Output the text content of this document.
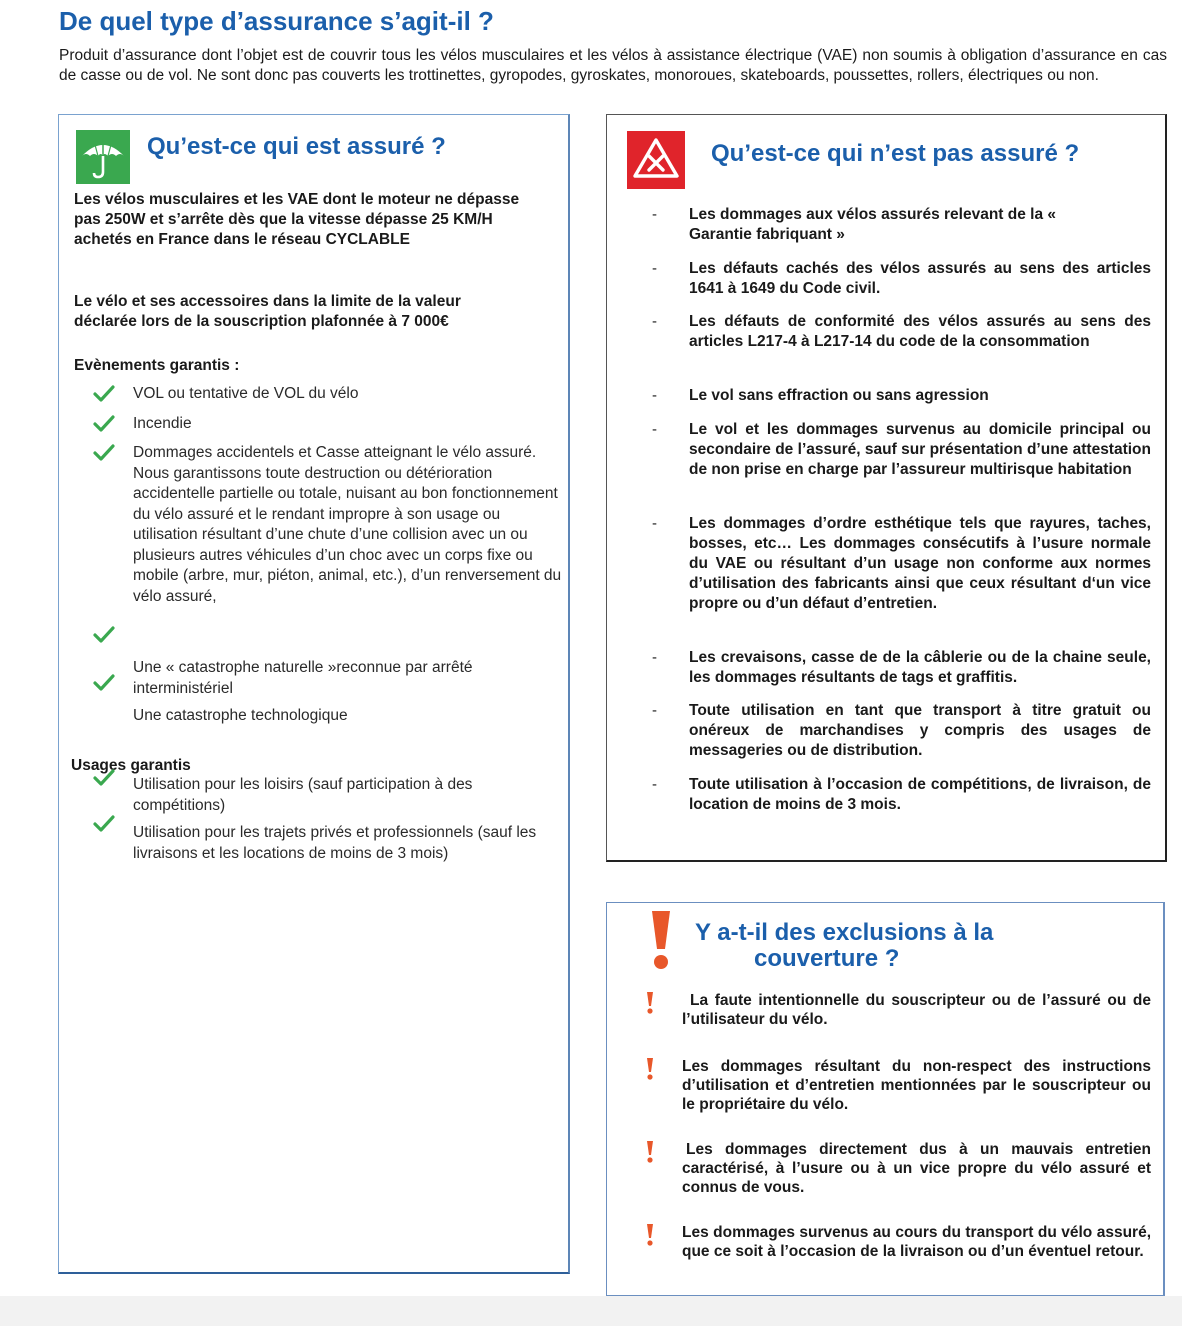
De quel type d’assurance s’agit-il ?

Produit d’assurance dont l’objet est de couvrir tous les vélos musculaires et les vélos à assistance électrique (VAE) non soumis à obligation d’assurance en cas de casse ou de vol. Ne sont donc pas couverts les trottinettes, gyropodes, gyroskates, monoroues, skateboards, poussettes, rollers, électriques ou non.

Qu’est-ce qui est assuré ?

Les vélos musculaires et les VAE dont le moteur ne dépasse pas 250W et s’arrête dès que la vitesse dépasse 25 KM/H achetés en France dans le réseau CYCLABLE

Le vélo et ses accessoires dans la limite de la valeur déclarée lors de la souscription plafonnée à 7 000€

Evènements garantis :

VOL ou tentative de VOL du vélo

Incendie

Dommages accidentels et Casse atteignant le vélo assuré. Nous garantissons toute destruction ou détérioration accidentelle partielle ou totale, nuisant au bon fonctionnement du vélo assuré et le rendant impropre à son usage ou utilisation résultant d’une chute d’une collision avec un ou plusieurs autres véhicules d’un choc avec un corps fixe ou mobile (arbre, mur, piéton, animal, etc.), d’un renversement du vélo assuré,

Une « catastrophe naturelle »reconnue par arrêté interministériel

Une catastrophe technologique

Usages garantis

Utilisation pour les loisirs (sauf participation à des compétitions)

Utilisation pour les trajets privés et professionnels (sauf les livraisons et les locations de moins de 3 mois)

Qu’est-ce qui n’est pas assuré ?
- Les dommages aux vélos assurés relevant de la « Garantie fabriquant »

- Les défauts cachés des vélos assurés au sens des articles 1641 à 1649 du Code civil.

- Les défauts de conformité des vélos assurés au sens des articles L217-4 à L217-14 du code de la consommation

- Le vol sans effraction ou sans agression

- Le vol et les dommages survenus au domicile principal ou secondaire de l’assuré, sauf sur présentation d’une attestation de non prise en charge par l’assureur multirisque habitation

- Les dommages d’ordre esthétique tels que rayures, taches, bosses, etc… Les dommages consécutifs à l’usure normale du VAE ou résultant d’un usage non conforme aux normes d’utilisation des fabricants ainsi que ceux résultant d‘un vice propre ou d’un défaut d’entretien.

- Les crevaisons, casse de de la câblerie ou de la chaine seule, les dommages résultants de tags et graffitis.

- Toute utilisation en tant que transport à titre gratuit ou onéreux de marchandises y compris des usages de messageries ou de distribution.

- Toute utilisation à l’occasion de compétitions, de livraison, de location de moins de 3 mois.

Y a-t-il des exclusions à la
couverture ?

La faute intentionnelle du souscripteur ou de l’assuré ou de l’utilisateur du vélo.

Les dommages résultant du non-respect des instructions d’utilisation et d’entretien mentionnées par le souscripteur ou le propriétaire du vélo.

Les dommages directement dus à un mauvais entretien caractérisé, à l’usure ou à un vice propre du vélo assuré et connus de vous.

Les dommages survenus au cours du transport du vélo assuré, que ce soit à l’occasion de la livraison ou d’un éventuel retour.
